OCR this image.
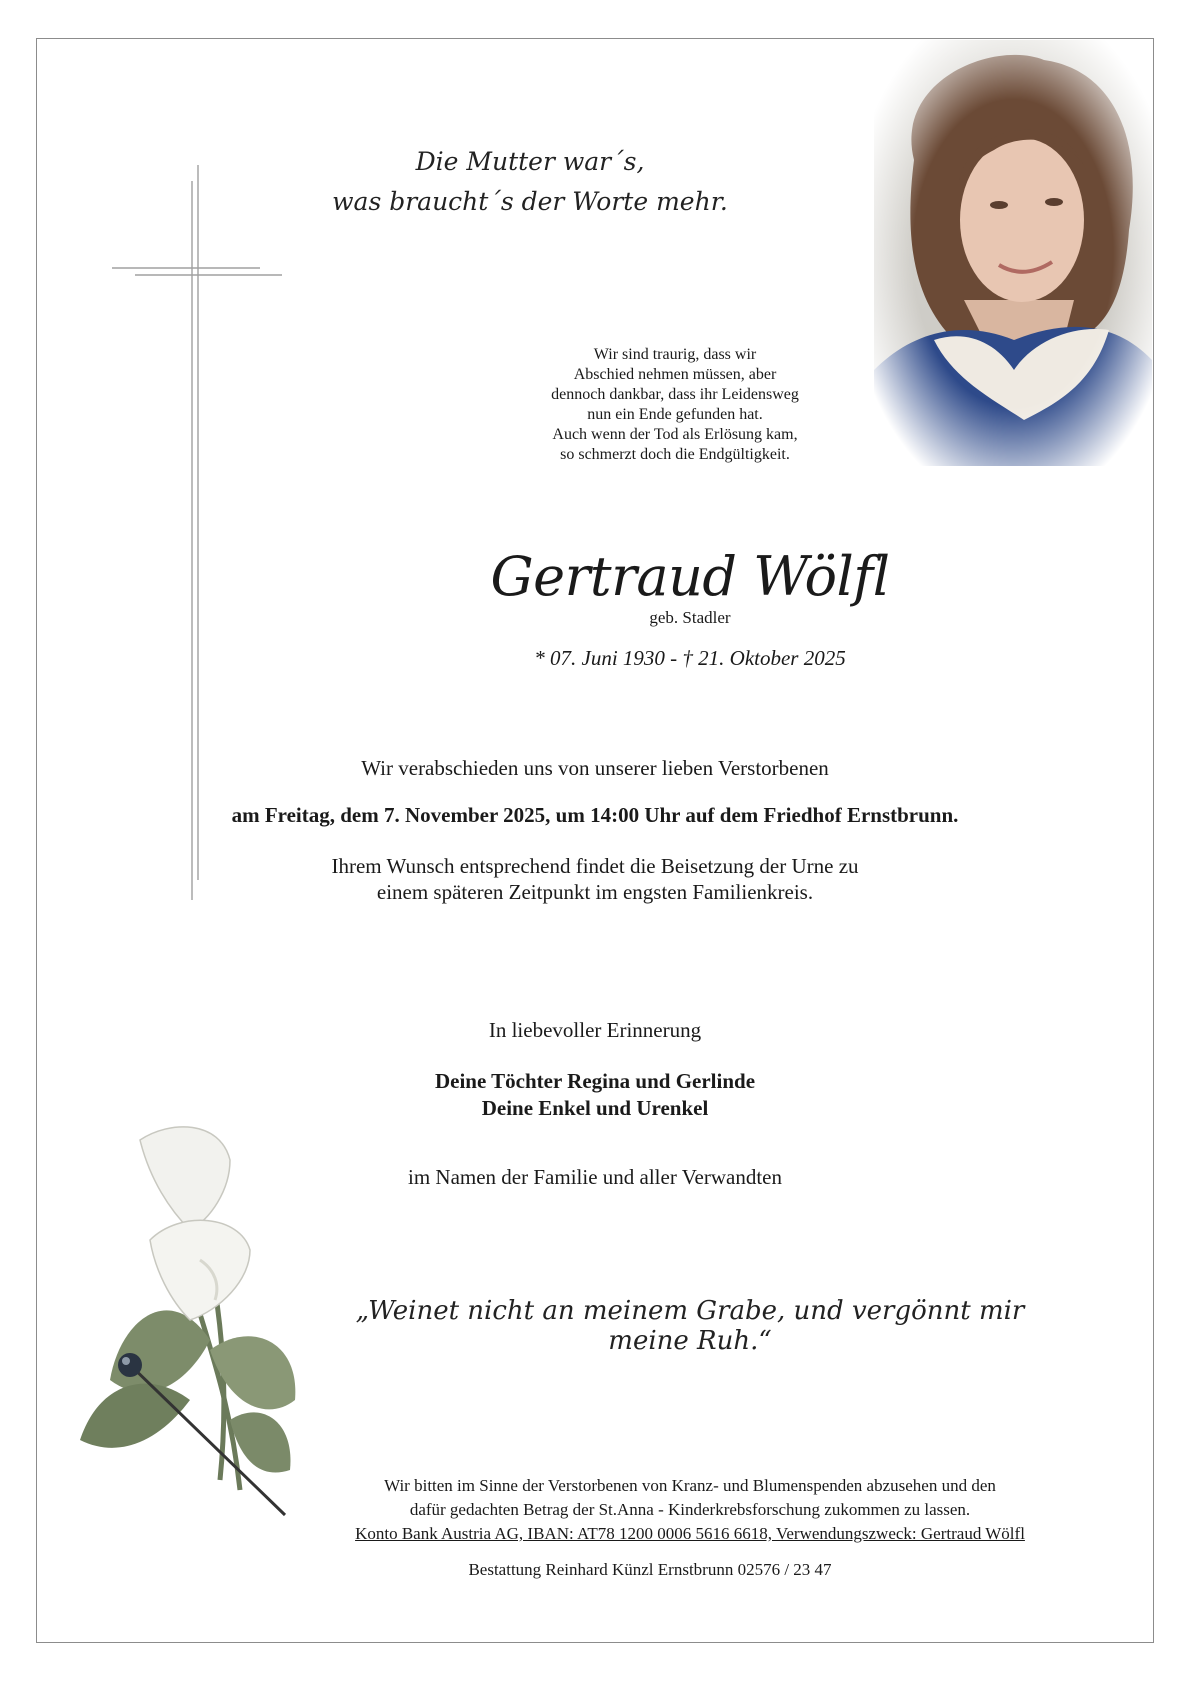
Die Mutter war´s,
was braucht´s der Worte mehr.
Wir sind traurig, dass wir
Abschied nehmen müssen, aber
dennoch dankbar, dass ihr Leidensweg
nun ein Ende gefunden hat.
Auch wenn der Tod als Erlösung kam,
so schmerzt doch die Endgültigkeit.
Gertraud Wölfl
geb. Stadler
* 07. Juni 1930 - † 21. Oktober 2025
Wir verabschieden uns von unserer lieben Verstorbenen
am Freitag, dem 7. November 2025, um 14:00 Uhr auf dem Friedhof Ernstbrunn.
Ihrem Wunsch entsprechend findet die Beisetzung der Urne zu
einem späteren Zeitpunkt im engsten Familienkreis.
In liebevoller Erinnerung
Deine Töchter Regina und Gerlinde
Deine Enkel und Urenkel
im Namen der Familie und aller Verwandten
„Weinet nicht an meinem Grabe, und vergönnt mir meine Ruh.“
Wir bitten im Sinne der Verstorbenen von Kranz- und Blumenspenden abzusehen und den
dafür gedachten Betrag der St.Anna - Kinderkrebsforschung zukommen zu lassen.
Konto Bank Austria AG, IBAN: AT78 1200 0006 5616 6618, Verwendungszweck: Gertraud Wölfl
Bestattung Reinhard Künzl Ernstbrunn 02576 / 23 47
